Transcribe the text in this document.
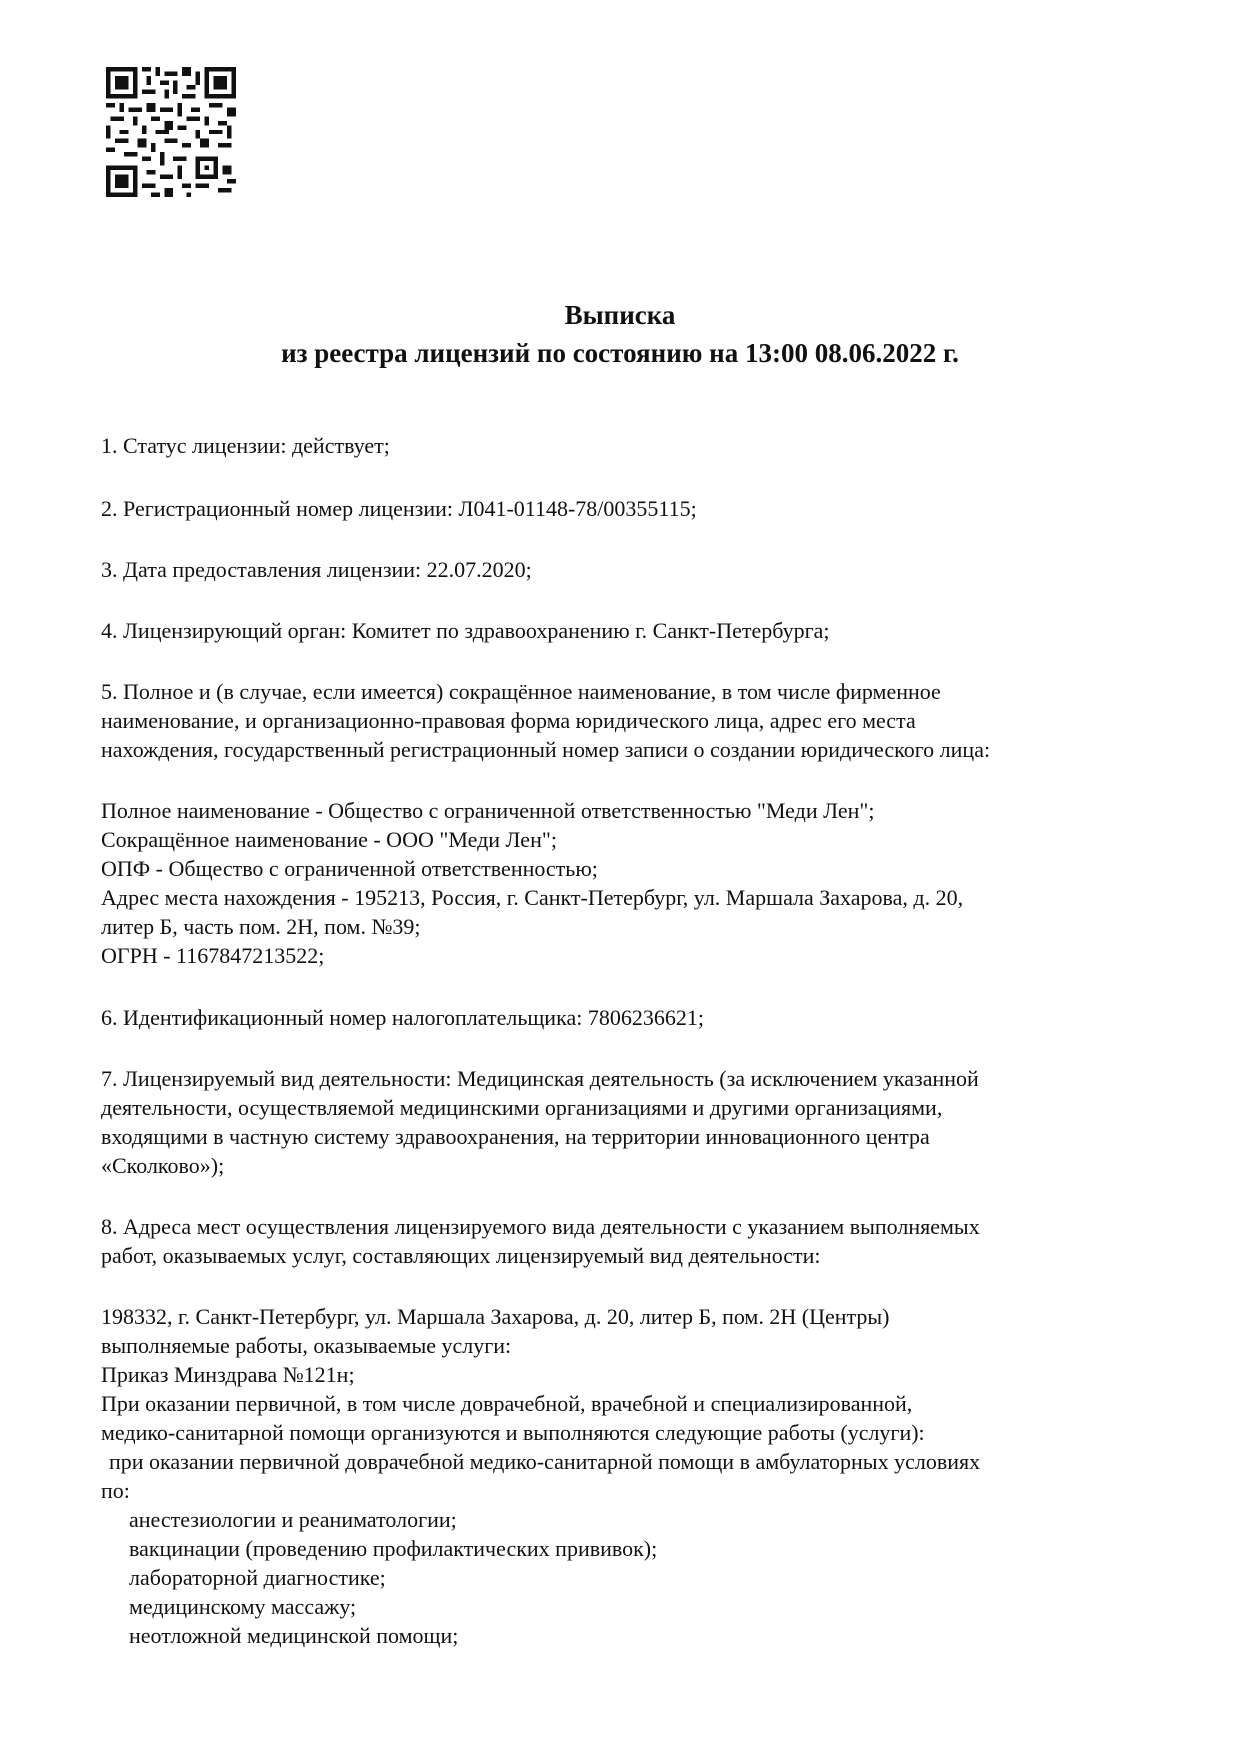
Выписка
из реестра лицензий по состоянию на 13:00 08.06.2022 г.
1. Статус лицензии: действует;
2. Регистрационный номер лицензии: Л041-01148-78/00355115;
3. Дата предоставления лицензии: 22.07.2020;
4. Лицензирующий орган: Комитет по здравоохранению г. Санкт-Петербурга;
5. Полное и (в случае, если имеется) сокращённое наименование, в том числе фирменное
наименование, и организационно-правовая форма юридического лица, адрес его места
нахождения, государственный регистрационный номер записи о создании юридического лица:
Полное наименование - Общество с ограниченной ответственностью "Меди Лен";
Сокращённое наименование - ООО "Меди Лен";
ОПФ - Общество с ограниченной ответственностью;
Адрес места нахождения - 195213, Россия, г. Санкт-Петербург, ул. Маршала Захарова, д. 20,
литер Б, часть пом. 2Н, пом. №39;
ОГРН - 1167847213522;
6. Идентификационный номер налогоплательщика: 7806236621;
7. Лицензируемый вид деятельности: Медицинская деятельность (за исключением указанной
деятельности, осуществляемой медицинскими организациями и другими организациями,
входящими в частную систему здравоохранения, на территории инновационного центра
«Сколково»);
8. Адреса мест осуществления лицензируемого вида деятельности с указанием выполняемых
работ, оказываемых услуг, составляющих лицензируемый вид деятельности:
198332, г. Санкт-Петербург, ул. Маршала Захарова, д. 20, литер Б, пом. 2Н (Центры)
выполняемые работы, оказываемые услуги:
Приказ Минздрава №121н;
При оказании первичной, в том числе доврачебной, врачебной и специализированной,
медико-санитарной помощи организуются и выполняются следующие работы (услуги):
при оказании первичной доврачебной медико-санитарной помощи в амбулаторных условиях
по:
анестезиологии и реаниматологии;
вакцинации (проведению профилактических прививок);
лабораторной диагностике;
медицинскому массажу;
неотложной медицинской помощи;
